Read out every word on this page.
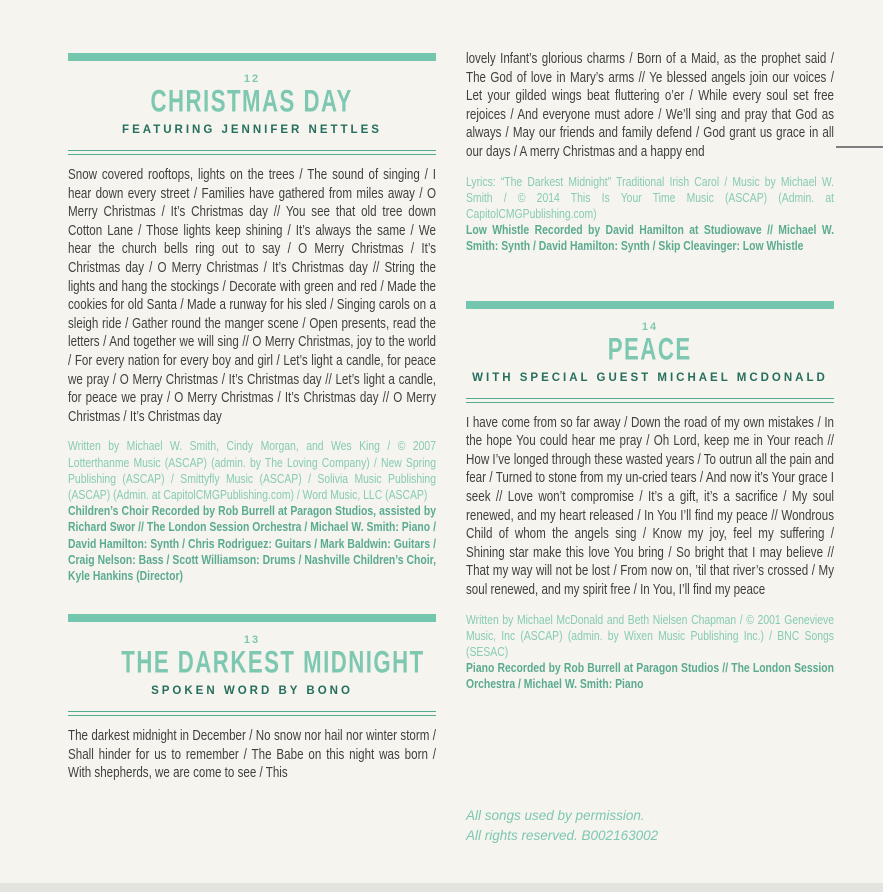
12
CHRISTMAS DAY
FEATURING JENNIFER NETTLES

Snow covered rooftops, lights on the trees / The sound of singing / I hear down every street / Families have gathered from miles away / O Merry Christmas / It’s Christmas day // You see that old tree down Cotton Lane / Those lights keep shining / It’s always the same / We hear the church bells ring out to say / O Merry Christmas / It’s Christmas day / O Merry Christmas / It’s Christmas day // String the lights and hang the stockings / Decorate with green and red / Made the cookies for old Santa / Made a runway for his sled / Singing carols on a sleigh ride / Gather round the manger scene / Open presents, read the letters / And together we will sing // O Merry Christmas, joy to the world / For every nation for every boy and girl / Let’s light a candle, for peace we pray / O Merry Christmas / It’s Christmas day // Let’s light a candle, for peace we pray / O Merry Christmas / It’s Christmas day // O Merry Christmas / It’s Christmas day

Written by Michael W. Smith, Cindy Morgan, and Wes King / © 2007 Lotterthanme Music (ASCAP) (admin. by The Loving Company) / New Spring Publishing (ASCAP) / Smittyfly Music (ASCAP) / Solivia Music Publishing (ASCAP) (Admin. at CapitolCMGPublishing.com) / Word Music, LLC (ASCAP)

Children’s Choir Recorded by Rob Burrell at Paragon Studios, assisted by Richard Swor // The London Session Orchestra / Michael W. Smith: Piano / David Hamilton: Synth / Chris Rodriguez: Guitars / Mark Baldwin: Guitars / Craig Nelson: Bass / Scott Williamson: Drums / Nashville Children’s Choir, Kyle Hankins (Director)

13
THE DARKEST MIDNIGHT
SPOKEN WORD BY BONO

The darkest midnight in December / No snow nor hail nor winter storm / Shall hinder for us to remember / The Babe on this night was born / With shepherds, we are come to see / This

lovely Infant’s glorious charms / Born of a Maid, as the prophet said / The God of love in Mary’s arms // Ye blessed angels join our voices / Let your gilded wings beat fluttering o’er / While every soul set free rejoices / And everyone must adore / We’ll sing and pray that God as always / May our friends and family defend / God grant us grace in all our days / A merry Christmas and a happy end

Lyrics: “The Darkest Midnight” Traditional Irish Carol / Music by Michael W. Smith / © 2014 This Is Your Time Music (ASCAP) (Admin. at CapitolCMGPublishing.com)

Low Whistle Recorded by David Hamilton at Studiowave // Michael W. Smith: Synth / David Hamilton: Synth / Skip Cleavinger: Low Whistle

14
PEACE
WITH SPECIAL GUEST MICHAEL MCDONALD

I have come from so far away / Down the road of my own mistakes / In the hope You could hear me pray / Oh Lord, keep me in Your reach // How I’ve longed through these wasted years / To outrun all the pain and fear / Turned to stone from my un-cried tears / And now it’s Your grace I seek // Love won’t compromise / It’s a gift, it’s a sacrifice / My soul renewed, and my heart released / In You I’ll find my peace // Wondrous Child of whom the angels sing / Know my joy, feel my suffering / Shining star make this love You bring / So bright that I may believe // That my way will not be lost / From now on, ’til that river’s crossed / My soul renewed, and my spirit free / In You, I’ll find my peace

Written by Michael McDonald and Beth Nielsen Chapman / © 2001 Genevieve Music, Inc (ASCAP) (admin. by Wixen Music Publishing Inc.) / BNC Songs (SESAC)

Piano Recorded by Rob Burrell at Paragon Studios // The London Session Orchestra / Michael W. Smith: Piano

All songs used by permission.
All rights reserved. B002163002
